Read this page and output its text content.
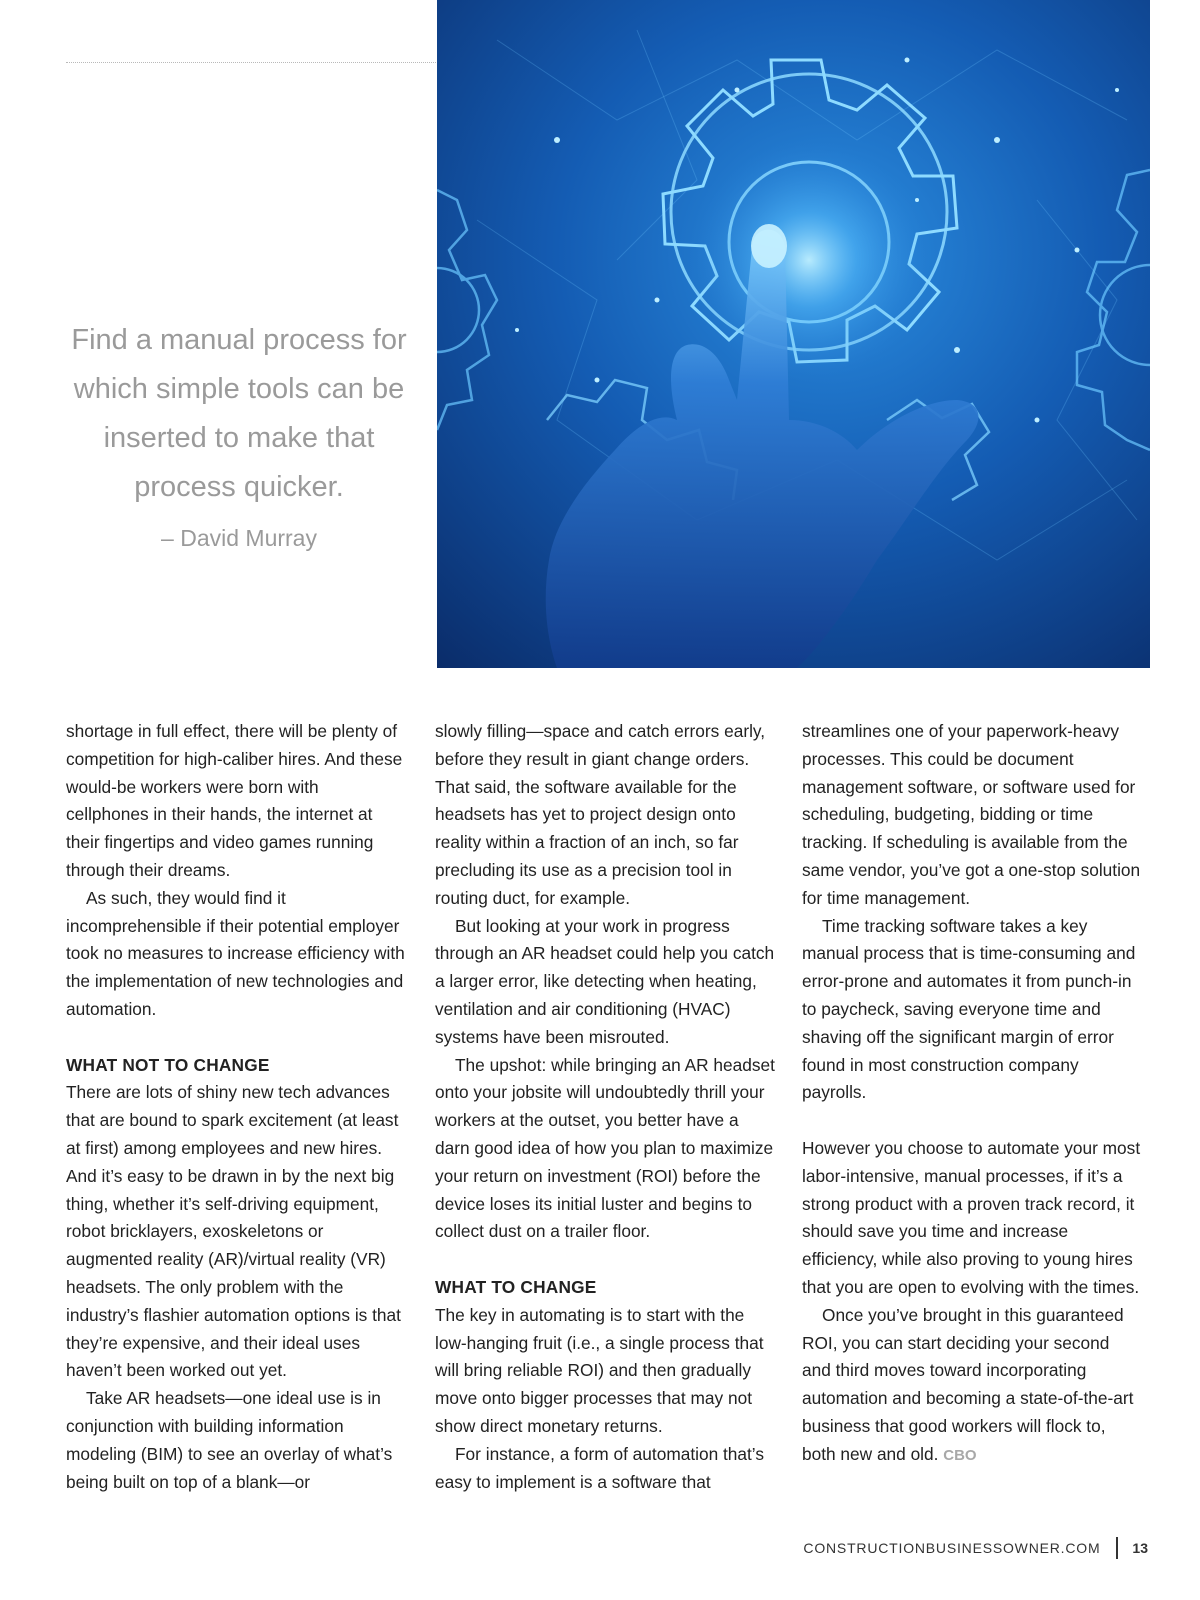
Find a manual process for which simple tools can be inserted to make that process quicker.
– David Murray

shortage in full effect, there will be plenty of competition for high-caliber hires. And these would-be workers were born with cellphones in their hands, the internet at their fingertips and video games running through their dreams.

As such, they would find it incomprehensible if their potential employer took no measures to increase efficiency with the implementation of new technologies and automation.

WHAT NOT TO CHANGE

There are lots of shiny new tech advances that are bound to spark excitement (at least at first) among employees and new hires. And it’s easy to be drawn in by the next big thing, whether it’s self-driving equipment, robot bricklayers, exoskeletons or augmented reality (AR)/virtual reality (VR) headsets. The only problem with the industry’s flashier automation options is that they’re expensive, and their ideal uses haven’t been worked out yet.

Take AR headsets—one ideal use is in conjunction with building information modeling (BIM) to see an overlay of what’s being built on top of a blank—or

slowly filling—space and catch errors early, before they result in giant change orders. That said, the software available for the headsets has yet to project design onto reality within a fraction of an inch, so far precluding its use as a precision tool in routing duct, for example.

But looking at your work in progress through an AR headset could help you catch a larger error, like detecting when heating, ventilation and air conditioning (HVAC) systems have been misrouted.

The upshot: while bringing an AR headset onto your jobsite will undoubtedly thrill your workers at the outset, you better have a darn good idea of how you plan to maximize your return on investment (ROI) before the device loses its initial luster and begins to collect dust on a trailer floor.

WHAT TO CHANGE

The key in automating is to start with the low-hanging fruit (i.e., a single process that will bring reliable ROI) and then gradually move onto bigger processes that may not show direct monetary returns.

For instance, a form of automation that’s easy to implement is a software that

streamlines one of your paperwork-heavy processes. This could be document management software, or software used for scheduling, budgeting, bidding or time tracking. If scheduling is available from the same vendor, you’ve got a one-stop solution for time management.

Time tracking software takes a key manual process that is time-consuming and error-prone and automates it from punch-in to paycheck, saving everyone time and shaving off the significant margin of error found in most construction company payrolls.

However you choose to automate your most labor-intensive, manual processes, if it’s a strong product with a proven track record, it should save you time and increase efficiency, while also proving to young hires that you are open to evolving with the times.

Once you’ve brought in this guaranteed ROI, you can start deciding your second and third moves toward incorporating automation and becoming a state-of-the-art business that good workers will flock to, both new and old. CBO

CONSTRUCTIONBUSINESSOWNER.COM 13
